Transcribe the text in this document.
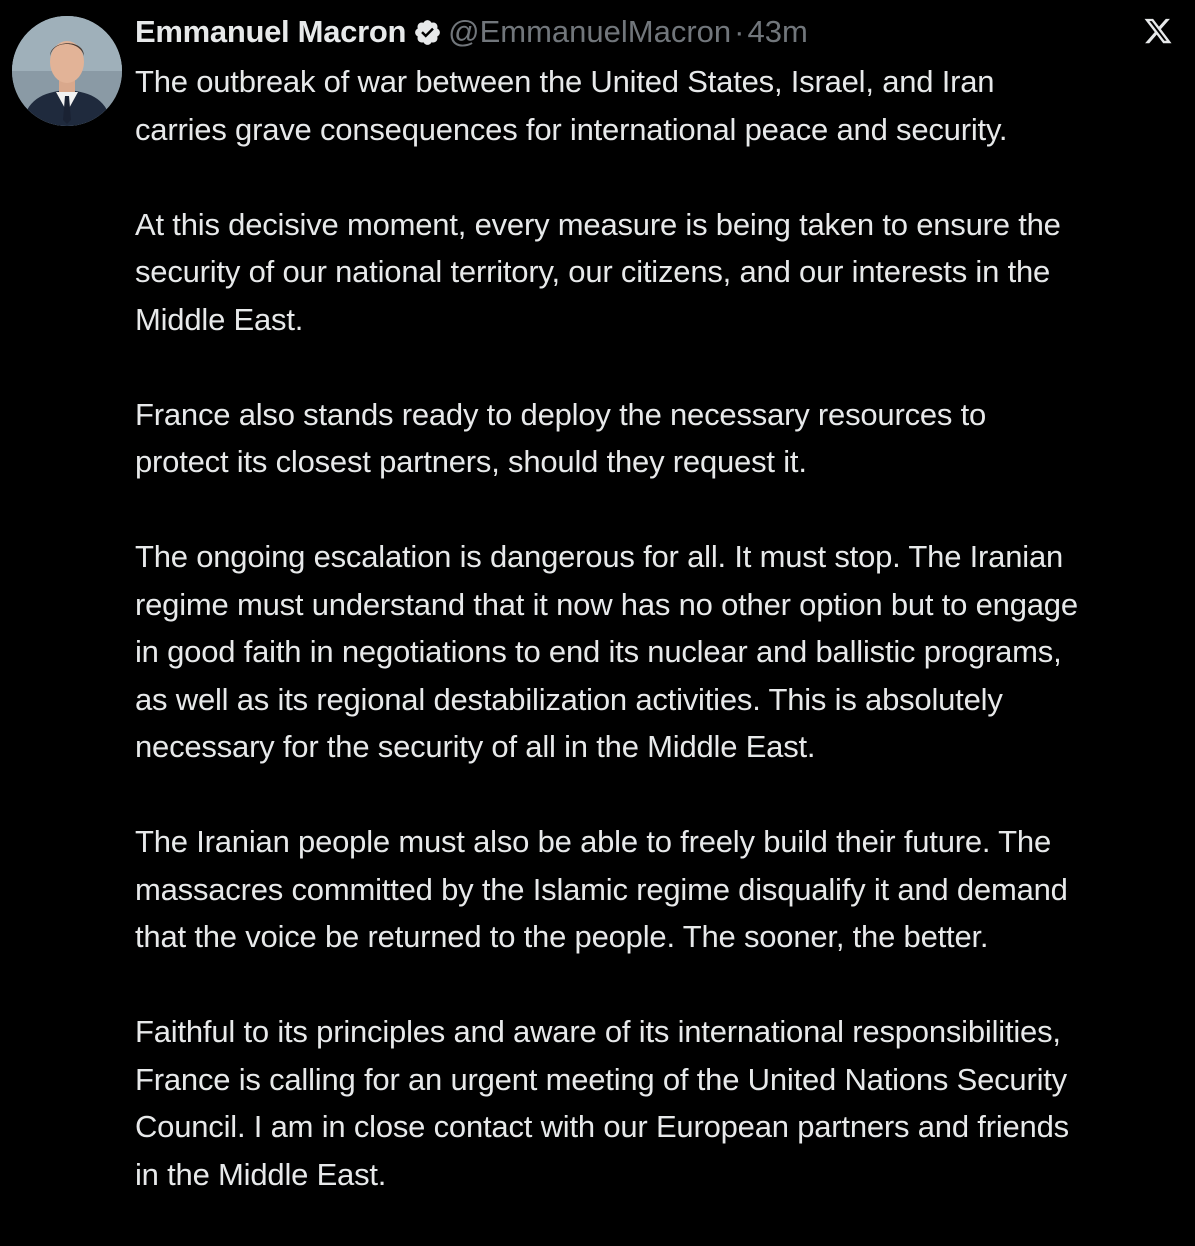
Emmanuel Macron @EmmanuelMacron · 43m
The outbreak of war between the United States, Israel, and Iran
carries grave consequences for international peace and security.
At this decisive moment, every measure is being taken to ensure the
security of our national territory, our citizens, and our interests in the
Middle East.
France also stands ready to deploy the necessary resources to
protect its closest partners, should they request it.
The ongoing escalation is dangerous for all. It must stop. The Iranian
regime must understand that it now has no other option but to engage
in good faith in negotiations to end its nuclear and ballistic programs,
as well as its regional destabilization activities. This is absolutely
necessary for the security of all in the Middle East.
The Iranian people must also be able to freely build their future. The
massacres committed by the Islamic regime disqualify it and demand
that the voice be returned to the people. The sooner, the better.
Faithful to its principles and aware of its international responsibilities,
France is calling for an urgent meeting of the United Nations Security
Council. I am in close contact with our European partners and friends
in the Middle East.
